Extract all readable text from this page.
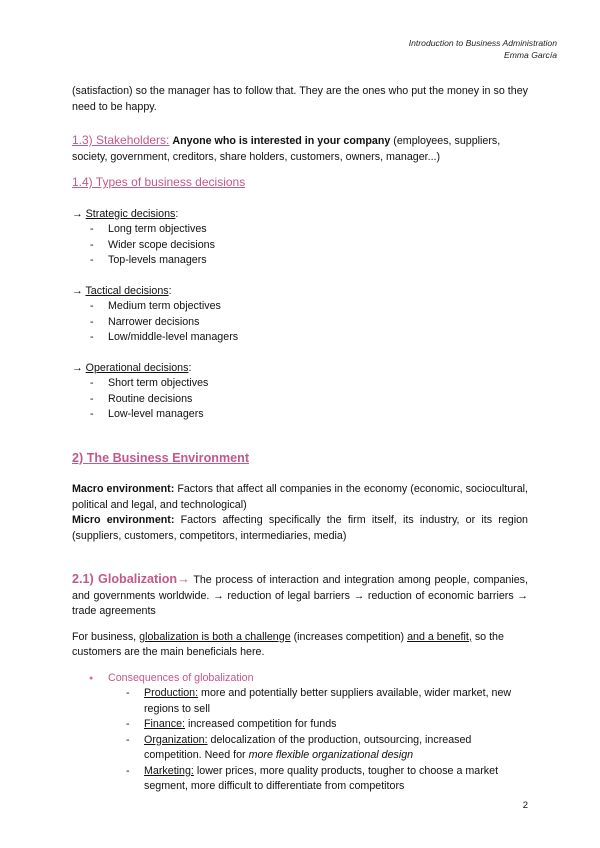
Introduction to Business Administration
Emma García

(satisfaction) so the manager has to follow that. They are the ones who put the money in so they need to be happy.

1.3) Stakeholders: Anyone who is interested in your company (employees, suppliers, society, government, creditors, share holders, customers, owners, manager...)

1.4) Types of business decisions

→ Strategic decisions:

- Long term objectives
- Wider scope decisions
- Top-levels managers

→ Tactical decisions:

- Medium term objectives
- Narrower decisions
- Low/middle-level managers

→ Operational decisions:

- Short term objectives
- Routine decisions
- Low-level managers

2) The Business Environment

Macro environment: Factors that affect all companies in the economy (economic, sociocultural, political and legal, and technological)

Micro environment: Factors affecting specifically the firm itself, its industry, or its region (suppliers, customers, competitors, intermediaries, media)

2.1) Globalization→ The process of interaction and integration among people, companies, and governments worldwide. → reduction of legal barriers → reduction of economic barriers → trade agreements

For business, globalization is both a challenge (increases competition) and a benefit, so the customers are the main beneficials here.

● Consequences of globalization
- Production: more and potentially better suppliers available, wider market, new regions to sell
- Finance: increased competition for funds
- Organization: delocalization of the production, outsourcing, increased competition. Need for more flexible organizational design
- Marketing: lower prices, more quality products, tougher to choose a market segment, more difficult to differentiate from competitors
2
